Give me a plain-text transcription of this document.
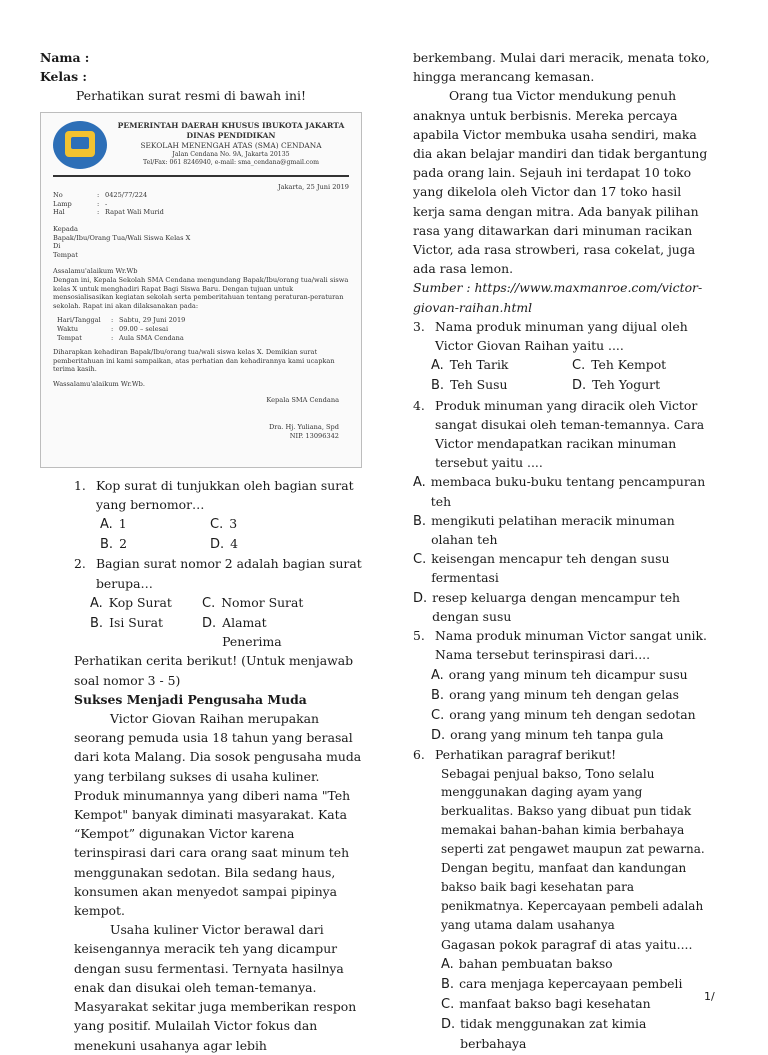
Nama :

Kelas :

Perhatikan surat resmi di bawah ini!

PEMERINTAH DAERAH KHUSUS IBUKOTA JAKARTA
DINAS PENDIDIKAN
SEKOLAH MENENGAH ATAS (SMA) CENDANA
Jalan Cendana No. 9A, Jakarta 20135
Tel/Fax: 061 8246940, e-mail: sma_cendana@gmail.com
Jakarta, 25 Juni 2019
No	: 0425/77/224
Lamp	: -
Hal	: Rapat Wali Murid
Kepada
Bapak/Ibu/Orang Tua/Wali Siswa Kelas X
Di
Tempat
Assalamu'alaikum Wr.Wb
Dengan ini, Kepala Sekolah SMA Cendana mengundang Bapak/Ibu/orang tua/wali siswa kelas X untuk menghadiri Rapat Bagi Siswa Baru. Dengan tujuan untuk mensosialisasikan kegiatan sekolah serta pemberitahuan tentang peraturan-peraturan sekolah. Rapat ini akan dilaksanakan pada:
Hari/Tanggal	: Sabtu, 29 Juni 2019
Waktu	: 09.00 – selesai
Tempat	: Aula SMA Cendana
Diharapkan kehadiran Bapak/Ibu/orang tua/wali siswa kelas X. Demikian surat pemberitahuan ini kami sampaikan, atas perhatian dan kehadirannya kami ucapkan terima kasih.
Wassalamu'alaikum Wr.Wb.
Kepala SMA Cendana
Dra. Hj. Yuliana, Spd
NIP. 13096342
1. Kop surat di tunjukkan oleh bagian surat yang bernomor…
A. 1	C. 3
B. 2	D. 4
2. Bagian surat nomor 2 adalah bagian surat berupa…
A. Kop Surat C. Nomor Surat
B. Isi Surat	D. Alamat Penerima

Perhatikan cerita berikut! (Untuk menjawab soal nomor 3 - 5)

Sukses Menjadi Pengusaha Muda

Victor Giovan Raihan merupakan seorang pemuda usia 18 tahun yang berasal dari kota Malang. Dia sosok pengusaha muda yang terbilang sukses di usaha kuliner. Produk minumannya yang diberi nama "Teh Kempot" banyak diminati masyarakat. Kata “Kempot” digunakan Victor karena terinspirasi dari cara orang saat minum teh menggunakan sedotan. Bila sedang haus, konsumen akan menyedot sampai pipinya kempot.

Usaha kuliner Victor berawal dari keisengannya meracik teh yang dicampur dengan susu fermentasi. Ternyata hasilnya enak dan disukai oleh teman-temanya. Masyarakat sekitar juga memberikan respon yang positif. Mulailah Victor fokus dan menekuni usahanya agar lebih

berkembang. Mulai dari meracik, menata toko, hingga merancang kemasan.

Orang tua Victor mendukung penuh anaknya untuk berbisnis. Mereka percaya apabila Victor membuka usaha sendiri, maka dia akan belajar mandiri dan tidak bergantung pada orang lain. Sejauh ini terdapat 10 toko yang dikelola oleh Victor dan 17 toko hasil kerja sama dengan mitra. Ada banyak pilihan rasa yang ditawarkan dari minuman racikan Victor, ada rasa strowberi, rasa cokelat, juga ada rasa lemon.

Sumber : https://www.maxmanroe.com/victor-giovan-raihan.html

3. Nama produk minuman yang dijual oleh Victor Giovan Raihan yaitu ....
A. Teh Tarik	C. Teh Kempot
B. Teh Susu	D. Teh Yogurt
4. Produk minuman yang diracik oleh Victor sangat disukai oleh teman-temannya. Cara Victor mendapatkan racikan minuman tersebut yaitu ....
A. membaca buku-buku tentang pencampuran teh
B. mengikuti pelatihan meracik minuman olahan teh
C. keisengan mencapur teh dengan susu fermentasi
D. resep keluarga dengan mencampur teh dengan susu
5. Nama produk minuman Victor sangat unik. Nama tersebut terinspirasi dari....
A. orang yang minum teh dicampur susu
B. orang yang minum teh dengan gelas
C. orang yang minum teh dengan sedotan
D. orang yang minum teh tanpa gula
6. Perhatikan paragraf berikut!

Sebagai penjual bakso, Tono selalu menggunakan daging ayam yang berkualitas. Bakso yang dibuat pun tidak memakai bahan-bahan kimia berbahaya seperti zat pengawet maupun zat pewarna. Dengan begitu, manfaat dan kandungan bakso baik bagi kesehatan para penikmatnya. Kepercayaan pembeli adalah yang utama dalam usahanya

Gagasan pokok paragraf di atas yaitu....

A. bahan pembuatan bakso
B. cara menjaga kepercayaan pembeli
C. manfaat bakso bagi kesehatan
D. tidak menggunakan zat kimia berbahaya
1/
